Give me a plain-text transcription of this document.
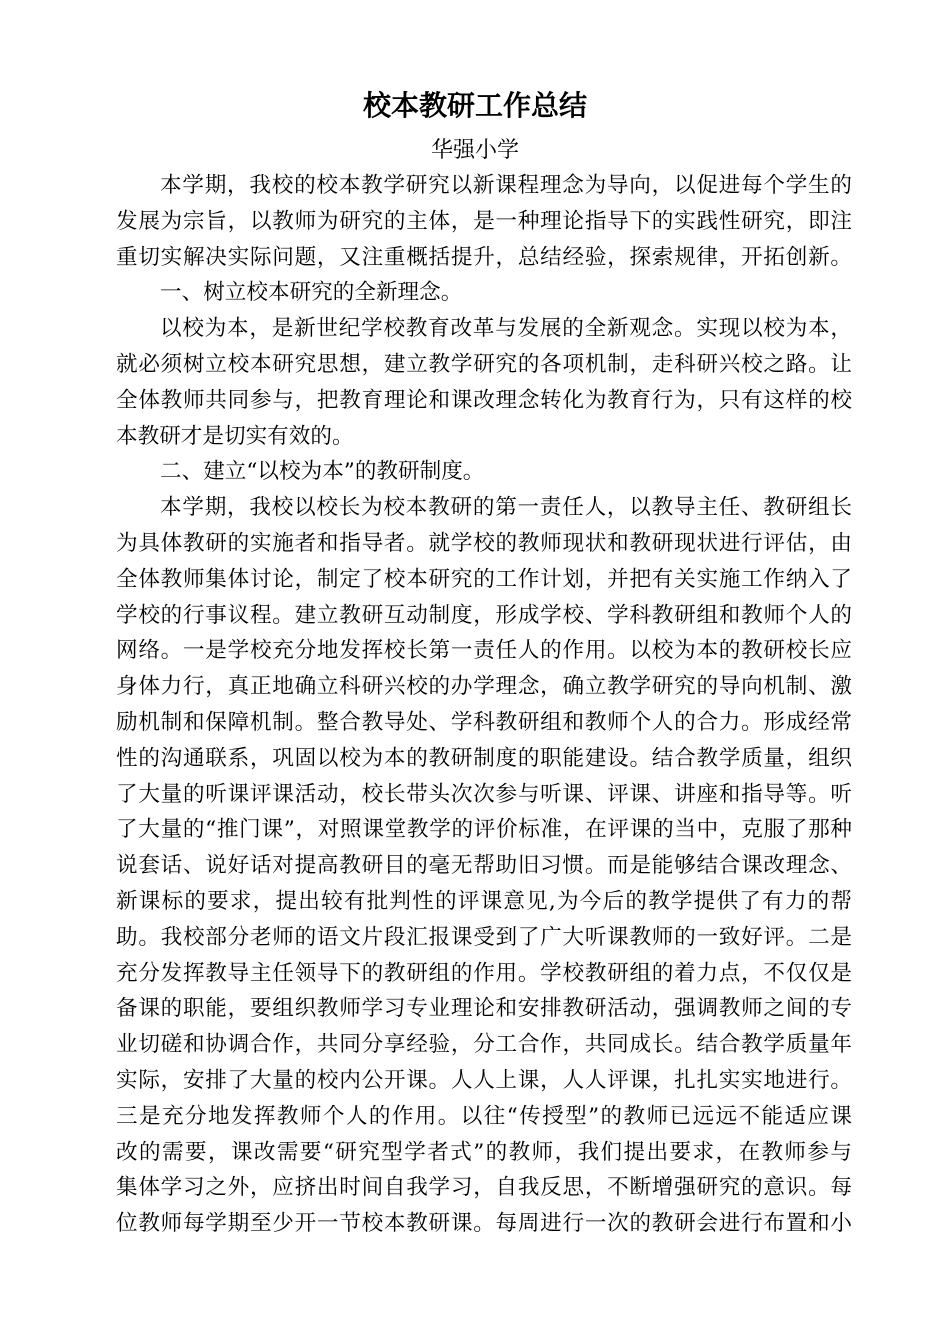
校本教研工作总结
华强小学
本学期，我校的校本教学研究以新课程理念为导向，以促进每个学生的
发展为宗旨，以教师为研究的主体，是一种理论指导下的实践性研究，即注
重切实解决实际问题，又注重概括提升，总结经验，探索规律，开拓创新。
一、树立校本研究的全新理念。
以校为本，是新世纪学校教育改革与发展的全新观念。实现以校为本，
就必须树立校本研究思想，建立教学研究的各项机制，走科研兴校之路。让
全体教师共同参与，把教育理论和课改理念转化为教育行为，只有这样的校
本教研才是切实有效的。
二、建立“以校为本”的教研制度。
本学期，我校以校长为校本教研的第一责任人，以教导主任、教研组长
为具体教研的实施者和指导者。就学校的教师现状和教研现状进行评估，由
全体教师集体讨论，制定了校本研究的工作计划，并把有关实施工作纳入了
学校的行事议程。建立教研互动制度，形成学校、学科教研组和教师个人的
网络。一是学校充分地发挥校长第一责任人的作用。以校为本的教研校长应
身体力行，真正地确立科研兴校的办学理念，确立教学研究的导向机制、激
励机制和保障机制。整合教导处、学科教研组和教师个人的合力。形成经常
性的沟通联系，巩固以校为本的教研制度的职能建设。结合教学质量，组织
了大量的听课评课活动，校长带头次次参与听课、评课、讲座和指导等。听
了大量的“推门课”，对照课堂教学的评价标准，在评课的当中，克服了那种
说套话、说好话对提高教研目的毫无帮助旧习惯。而是能够结合课改理念、
新课标的要求，提出较有批判性的评课意见,为今后的教学提供了有力的帮
助。我校部分老师的语文片段汇报课受到了广大听课教师的一致好评。二是
充分发挥教导主任领导下的教研组的作用。学校教研组的着力点，不仅仅是
备课的职能，要组织教师学习专业理论和安排教研活动，强调教师之间的专
业切磋和协调合作，共同分享经验，分工合作，共同成长。结合教学质量年
实际，安排了大量的校内公开课。人人上课，人人评课，扎扎实实地进行。
三是充分地发挥教师个人的作用。以往“传授型”的教师已远远不能适应课
改的需要，课改需要“研究型学者式”的教师，我们提出要求，在教师参与
集体学习之外，应挤出时间自我学习，自我反思，不断增强研究的意识。每
位教师每学期至少开一节校本教研课。每周进行一次的教研会进行布置和小
